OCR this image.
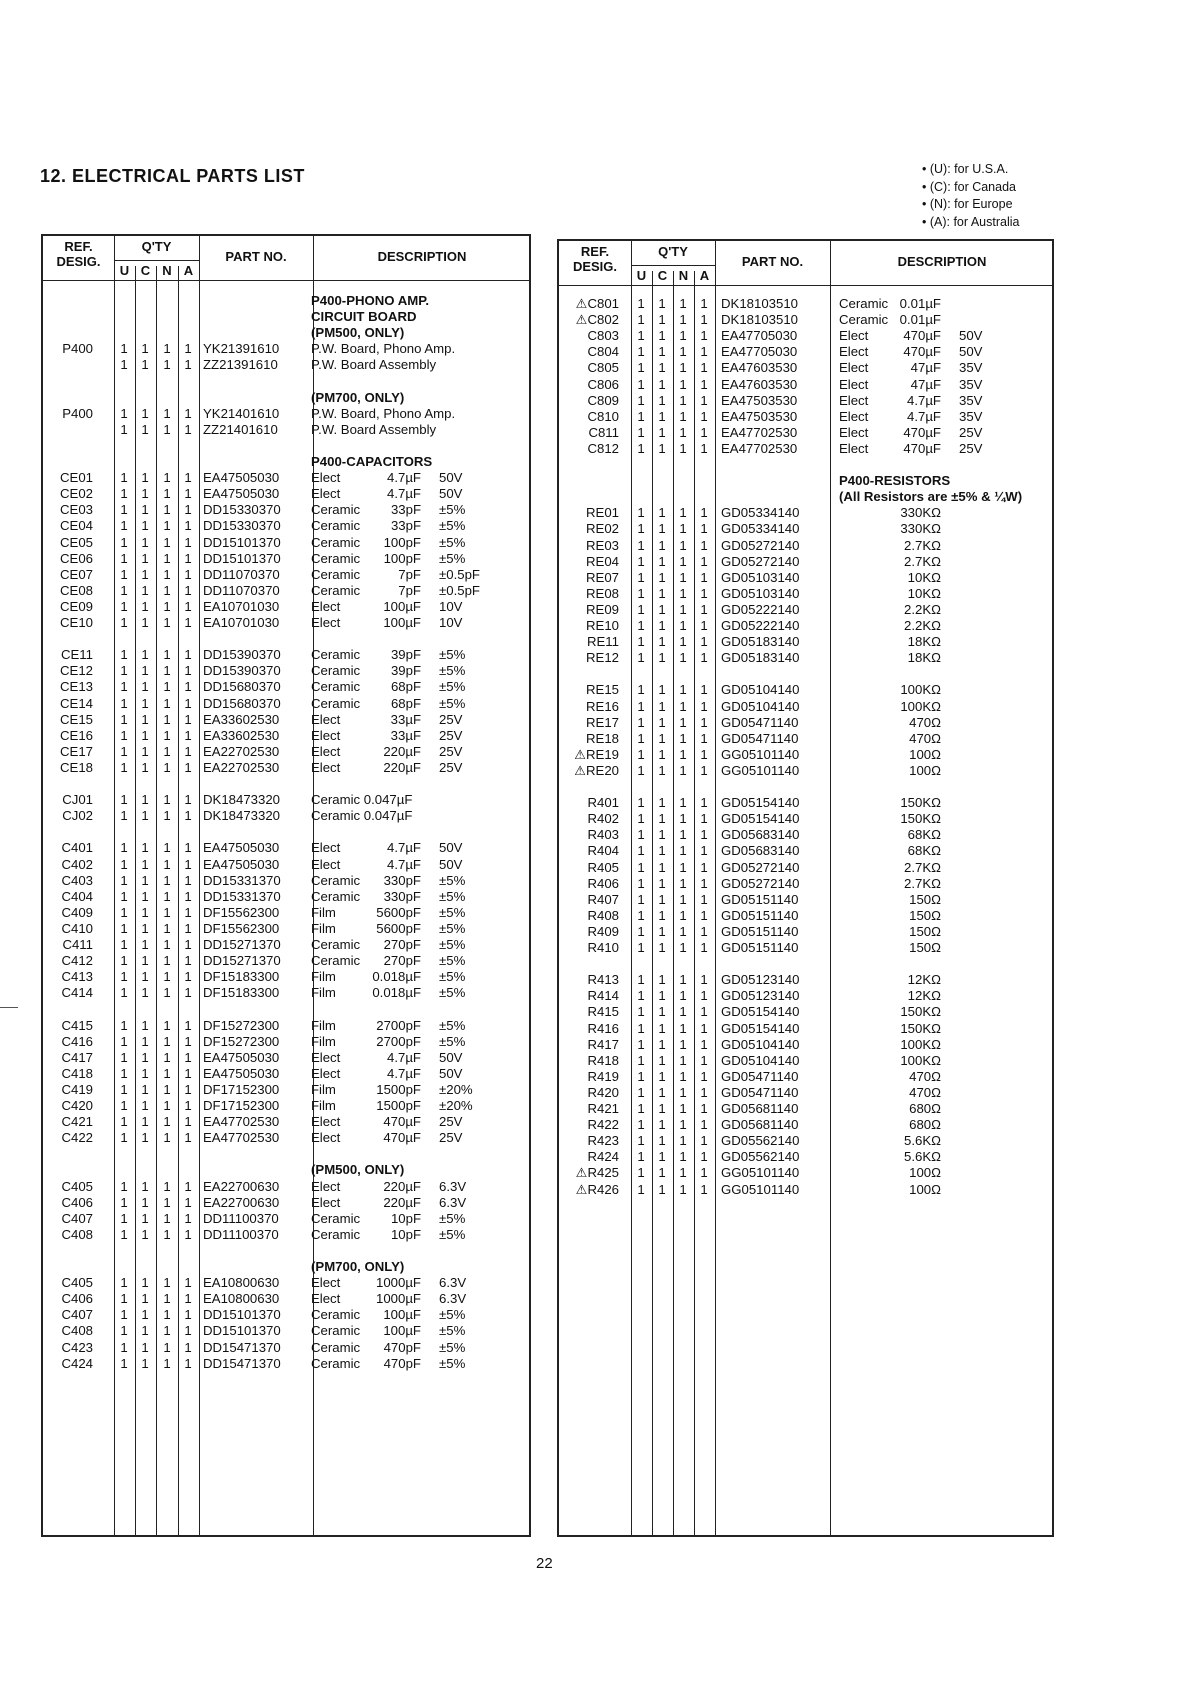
12. ELECTRICAL PARTS LIST	• (U): for U.S.A.
• (C): for Canada
• (N): for Europe
• (A): for Australia
REF.
DESIG.
Q'TY
U C N A
PART NO.	DESCRIPTION
P400-PHONO AMP.
CIRCUIT BOARD
(PM500, ONLY)
P400 1 1 1 1 YK21391610 P.W. Board, Phono Amp.
1 1 1 1 ZZ21391610	P.W. Board Assembly
(PM700, ONLY)
P400 1 1 1 1 YK21401610 P.W. Board, Phono Amp.
1 1 1 1 ZZ21401610	P.W. Board Assembly
P400-CAPACITORS
CE01 1 1 1 1 EA47505030 Elect	4.7µF 50V
CE02 1 1 1 1 EA47505030 Elect	4.7µF 50V
CE03 1 1 1 1 DD15330370 Ceramic	33pF ±5%
CE04 1 1 1 1 DD15330370 Ceramic	33pF ±5%
CE05 1 1 1 1 DD15101370 Ceramic	100pF ±5%
CE06 1 1 1 1 DD15101370 Ceramic	100pF ±5%
CE07 1 1 1 1 DD11070370 Ceramic	7pF ±0.5pF
CE08 1 1 1 1 DD11070370 Ceramic	7pF ±0.5pF
CE09 1 1 1 1 EA10701030 Elect	100µF 10V
CE10 1 1 1 1 EA10701030 Elect	100µF 10V
CE11 1 1 1 1 DD15390370 Ceramic	39pF ±5%
CE12 1 1 1 1 DD15390370 Ceramic	39pF ±5%
CE13 1 1 1 1 DD15680370 Ceramic	68pF ±5%
CE14 1 1 1 1 DD15680370 Ceramic	68pF ±5%
CE15 1 1 1 1 EA33602530 Elect	33µF 25V
CE16 1 1 1 1 EA33602530 Elect	33µF 25V
CE17 1 1 1 1 EA22702530 Elect	220µF 25V
CE18 1 1 1 1 EA22702530 Elect	220µF 25V
CJ01 1 1 1 1 DK18473320 Ceramic 0.047µF
CJ02 1 1 1 1 DK18473320 Ceramic 0.047µF
C401 1 1 1 1 EA47505030 Elect	4.7µF 50V
C402 1 1 1 1 EA47505030 Elect	4.7µF 50V
C403 1 1 1 1 DD15331370 Ceramic	330pF ±5%
C404 1 1 1 1 DD15331370 Ceramic	330pF ±5%
C409 1 1 1 1 DF15562300 Film	5600pF ±5%
C410 1 1 1 1 DF15562300 Film	5600pF ±5%
C411 1 1 1 1 DD15271370 Ceramic	270pF ±5%
C412 1 1 1 1 DD15271370 Ceramic	270pF ±5%
C413 1 1 1 1 DF15183300 Film	0.018µF ±5%
C414 1 1 1 1 DF15183300 Film	0.018µF ±5%
C415 1 1 1 1 DF15272300 Film	2700pF ±5%
C416 1 1 1 1 DF15272300 Film	2700pF ±5%
C417 1 1 1 1 EA47505030 Elect	4.7µF 50V
C418 1 1 1 1 EA47505030 Elect	4.7µF 50V
C419 1 1 1 1 DF17152300 Film	1500pF ±20%
C420 1 1 1 1 DF17152300 Film	1500pF ±20%
C421 1 1 1 1 EA47702530 Elect	470µF 25V
C422 1 1 1 1 EA47702530 Elect	470µF 25V
(PM500, ONLY)
C405 1 1 1 1 EA22700630 Elect	220µF 6.3V
C406 1 1 1 1 EA22700630 Elect	220µF 6.3V
C407 1 1 1 1 DD11100370 Ceramic	10pF ±5%
C408 1 1 1 1 DD11100370 Ceramic	10pF ±5%
(PM700, ONLY)
C405 1 1 1 1 EA10800630 Elect	1000µF 6.3V
C406 1 1 1 1 EA10800630 Elect	1000µF 6.3V
C407 1 1 1 1 DD15101370 Ceramic	100µF ±5%
C408 1 1 1 1 DD15101370 Ceramic	100µF ±5%
C423 1 1 1 1 DD15471370 Ceramic	470pF ±5%
C424 1 1 1 1 DD15471370 Ceramic	470pF ±5%
REF.
DESIG.
Q'TY
U C N A
PART NO.	DESCRIPTION
⚠C801 1 1 1 1 DK18103510	Ceramic 0.01µF
⚠C802 1 1 1 1 DK18103510	Ceramic 0.01µF
C803 1 1 1 1 EA47705030	Elect	470µF 50V
C804 1 1 1 1 EA47705030	Elect	470µF 50V
C805 1 1 1 1 EA47603530	Elect	47µF 35V
C806 1 1 1 1 EA47603530	Elect	47µF 35V
C809 1 1 1 1 EA47503530	Elect	4.7µF 35V
C810 1 1 1 1 EA47503530	Elect	4.7µF 35V
C811 1 1 1 1 EA47702530	Elect	470µF 25V
C812 1 1 1 1 EA47702530	Elect	470µF 25V
P400-RESISTORS
(All Resistors are ±5% & ¼W)
RE01 1 1 1 1 GD05334140	330KΩ
RE02 1 1 1 1 GD05334140	330KΩ
RE03 1 1 1 1 GD05272140	2.7KΩ
RE04 1 1 1 1 GD05272140	2.7KΩ
RE07 1 1 1 1 GD05103140	10KΩ
RE08 1 1 1 1 GD05103140	10KΩ
RE09 1 1 1 1 GD05222140	2.2KΩ
RE10 1 1 1 1 GD05222140	2.2KΩ
RE11 1 1 1 1 GD05183140	18KΩ
RE12 1 1 1 1 GD05183140	18KΩ
RE15 1 1 1 1 GD05104140	100KΩ
RE16 1 1 1 1 GD05104140	100KΩ
RE17 1 1 1 1 GD05471140	470Ω
RE18 1 1 1 1 GD05471140	470Ω
⚠RE19 1 1 1 1 GG05101140	100Ω
⚠RE20 1 1 1 1 GG05101140	100Ω
R401 1 1 1 1 GD05154140	150KΩ
R402 1 1 1 1 GD05154140	150KΩ
R403 1 1 1 1 GD05683140	68KΩ
R404 1 1 1 1 GD05683140	68KΩ
R405 1 1 1 1 GD05272140	2.7KΩ
R406 1 1 1 1 GD05272140	2.7KΩ
R407 1 1 1 1 GD05151140	150Ω
R408 1 1 1 1 GD05151140	150Ω
R409 1 1 1 1 GD05151140	150Ω
R410 1 1 1 1 GD05151140	150Ω
R413 1 1 1 1 GD05123140	12KΩ
R414 1 1 1 1 GD05123140	12KΩ
R415 1 1 1 1 GD05154140	150KΩ
R416 1 1 1 1 GD05154140	150KΩ
R417 1 1 1 1 GD05104140	100KΩ
R418 1 1 1 1 GD05104140	100KΩ
R419 1 1 1 1 GD05471140	470Ω
R420 1 1 1 1 GD05471140	470Ω
R421 1 1 1 1 GD05681140	680Ω
R422 1 1 1 1 GD05681140	680Ω
R423 1 1 1 1 GD05562140	5.6KΩ
R424 1 1 1 1 GD05562140	5.6KΩ
⚠R425 1 1 1 1 GG05101140	100Ω
⚠R426 1 1 1 1 GG05101140	100Ω
22
